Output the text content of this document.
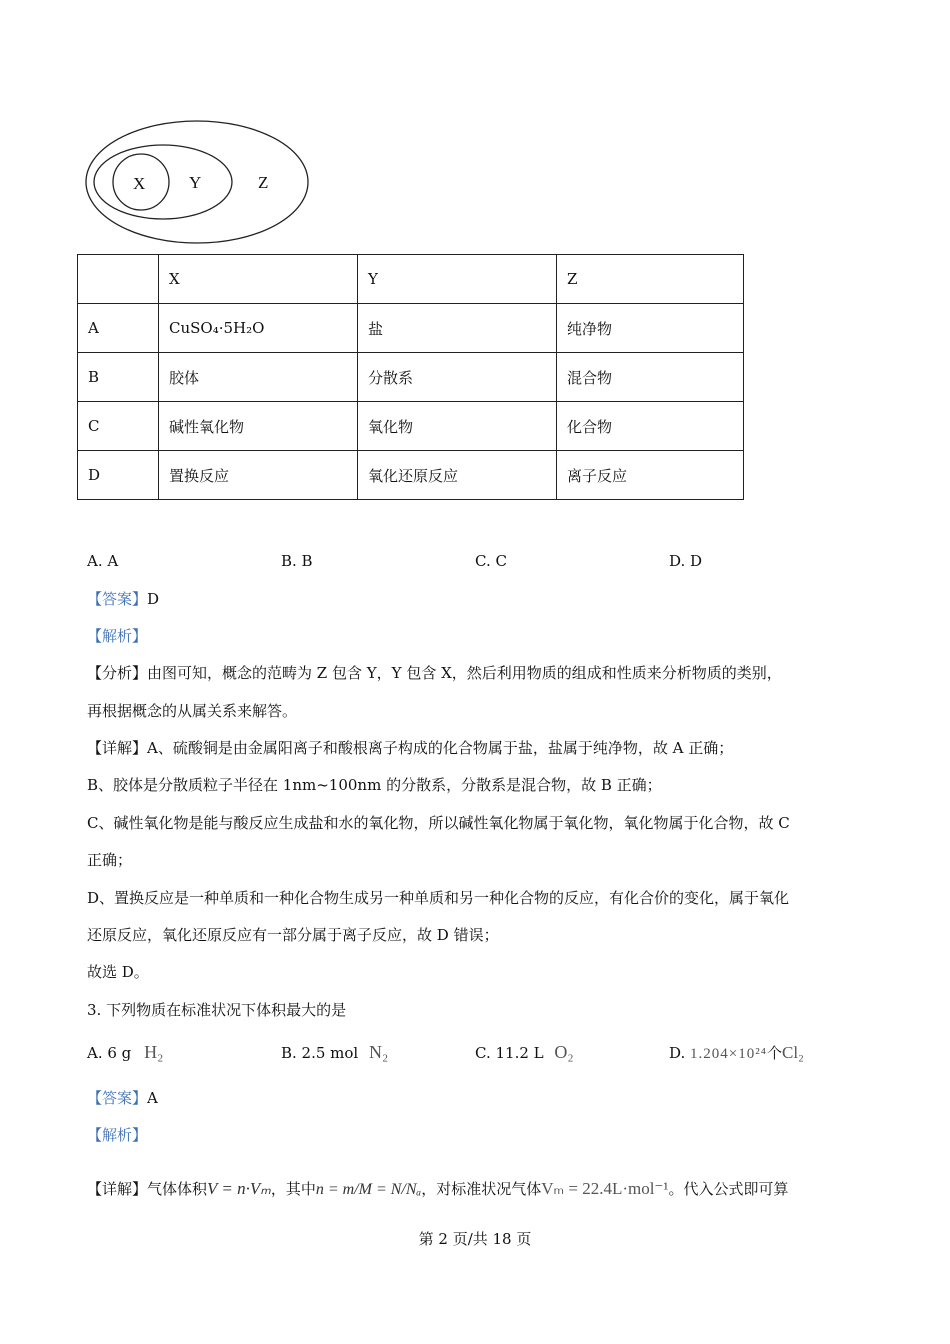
X	Y	Z
	X	Y	Z
A	CuSO₄·5H₂O	盐	纯净物
B	胶体	分散系	混合物
C	碱性氧化物	氧化物	化合物
D	置换反应	氧化还原反应	离子反应
A. A	B. B	C. C	D. D
【答案】D
【解析】
【分析】由图可知，概念的范畴为 Z 包含 Y，Y 包含 X，然后利用物质的组成和性质来分析物质的类别，
再根据概念的从属关系来解答。
【详解】A、硫酸铜是由金属阳离子和酸根离子构成的化合物属于盐，盐属于纯净物，故 A 正确；
B、胶体是分散质粒子半径在 1nm~100nm 的分散系，分散系是混合物，故 B 正确；
C、碱性氧化物是能与酸反应生成盐和水的氧化物，所以碱性氧化物属于氧化物，氧化物属于化合物，故 C
正确；
D、置换反应是一种单质和一种化合物生成另一种单质和另一种化合物的反应，有化合价的变化，属于氧化
还原反应，氧化还原反应有一部分属于离子反应，故 D 错误；
故选 D。
3. 下列物质在标准状况下体积最大的是
A. 6 g H₂	B. 2.5 mol N₂	C. 11.2 L O₂	D. 1.204×10²⁴个Cl₂
【答案】A
【解析】
【详解】气体体积V = n·Vₘ，其中n = m/M = N/Nₐ，对标准状况气体Vₘ = 22.4L·mol⁻¹。代入公式即可算
第 2 页/共 18 页
